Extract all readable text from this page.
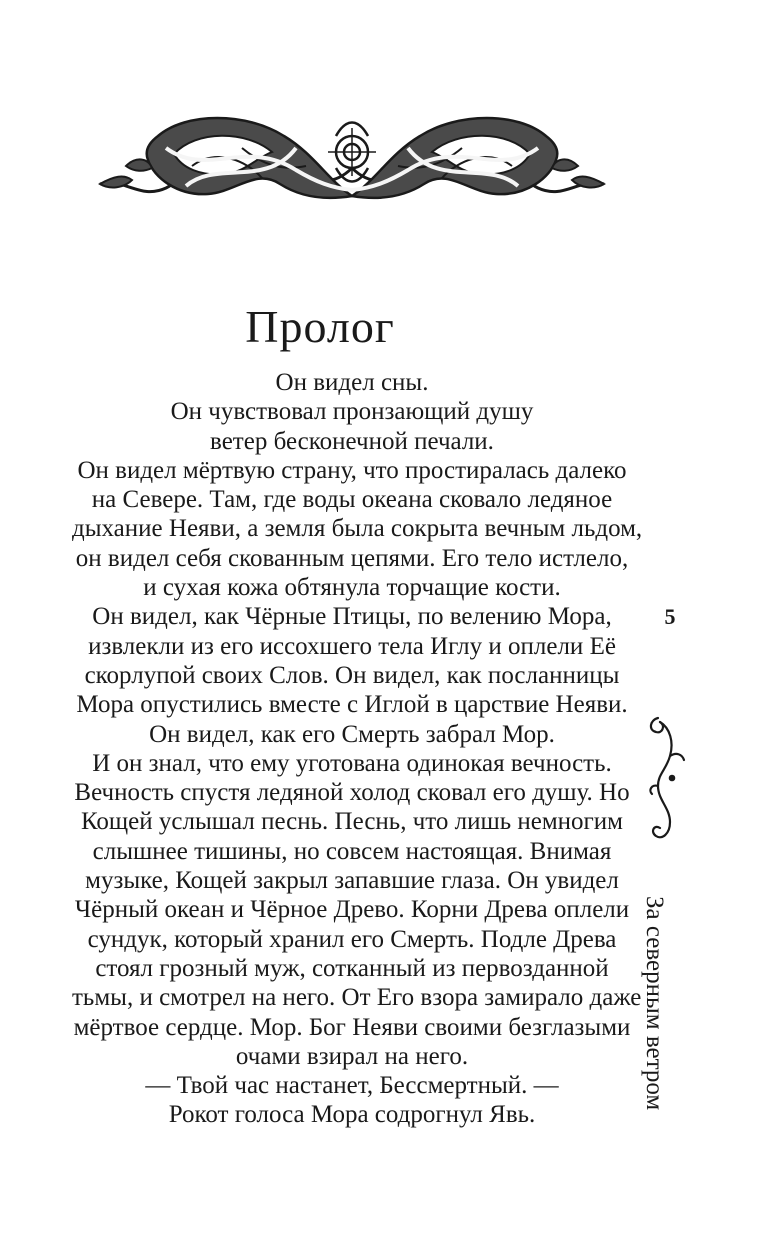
Пролог
Он видел сны.
Он чувствовал пронзающий душу
ветер бесконечной печали.
Он видел мёртвую страну, что простиралась далеко
на Севере. Там, где воды океана сковало ледяное
дыхание Нeяви, а земля была сокрыта вечным льдом,
он видел себя скованным цепями. Его тело истлело,
и сухая кожа обтянула торчащие кости.
Он видел, как Чёрные Птицы, по велению Мора,
извлекли из его иссохшего тела Иглу и оплели Её
скорлупой своих Слов. Он видел, как посланницы
Мора опустились вместе с Иглой в царствие Неяви.
Он видел, как его Смерть забрал Мор.
И он знал, что ему уготована одинокая вечность.
Вечность спустя ледяной холод сковал его душу. Но
Кощей услышал песнь. Песнь, что лишь немногим
слышнее тишины, но совсем настоящая. Внимая
музыке, Кощей закрыл запавшие глаза. Он увидел
Чёрный океан и Чёрное Древо. Корни Древа оплели
сундук, который хранил его Смерть. Подле Древа
стоял грозный муж, сотканный из первозданной
тьмы, и смотрел на него. От Его взора замирало даже
мёртвое сердце. Мор. Бог Неяви своими безглазыми
очами взирал на него.
— Твой час настанет, Бессмертный. —
Рокот голоса Мора содрогнул Явь.
5
За северным ветром
